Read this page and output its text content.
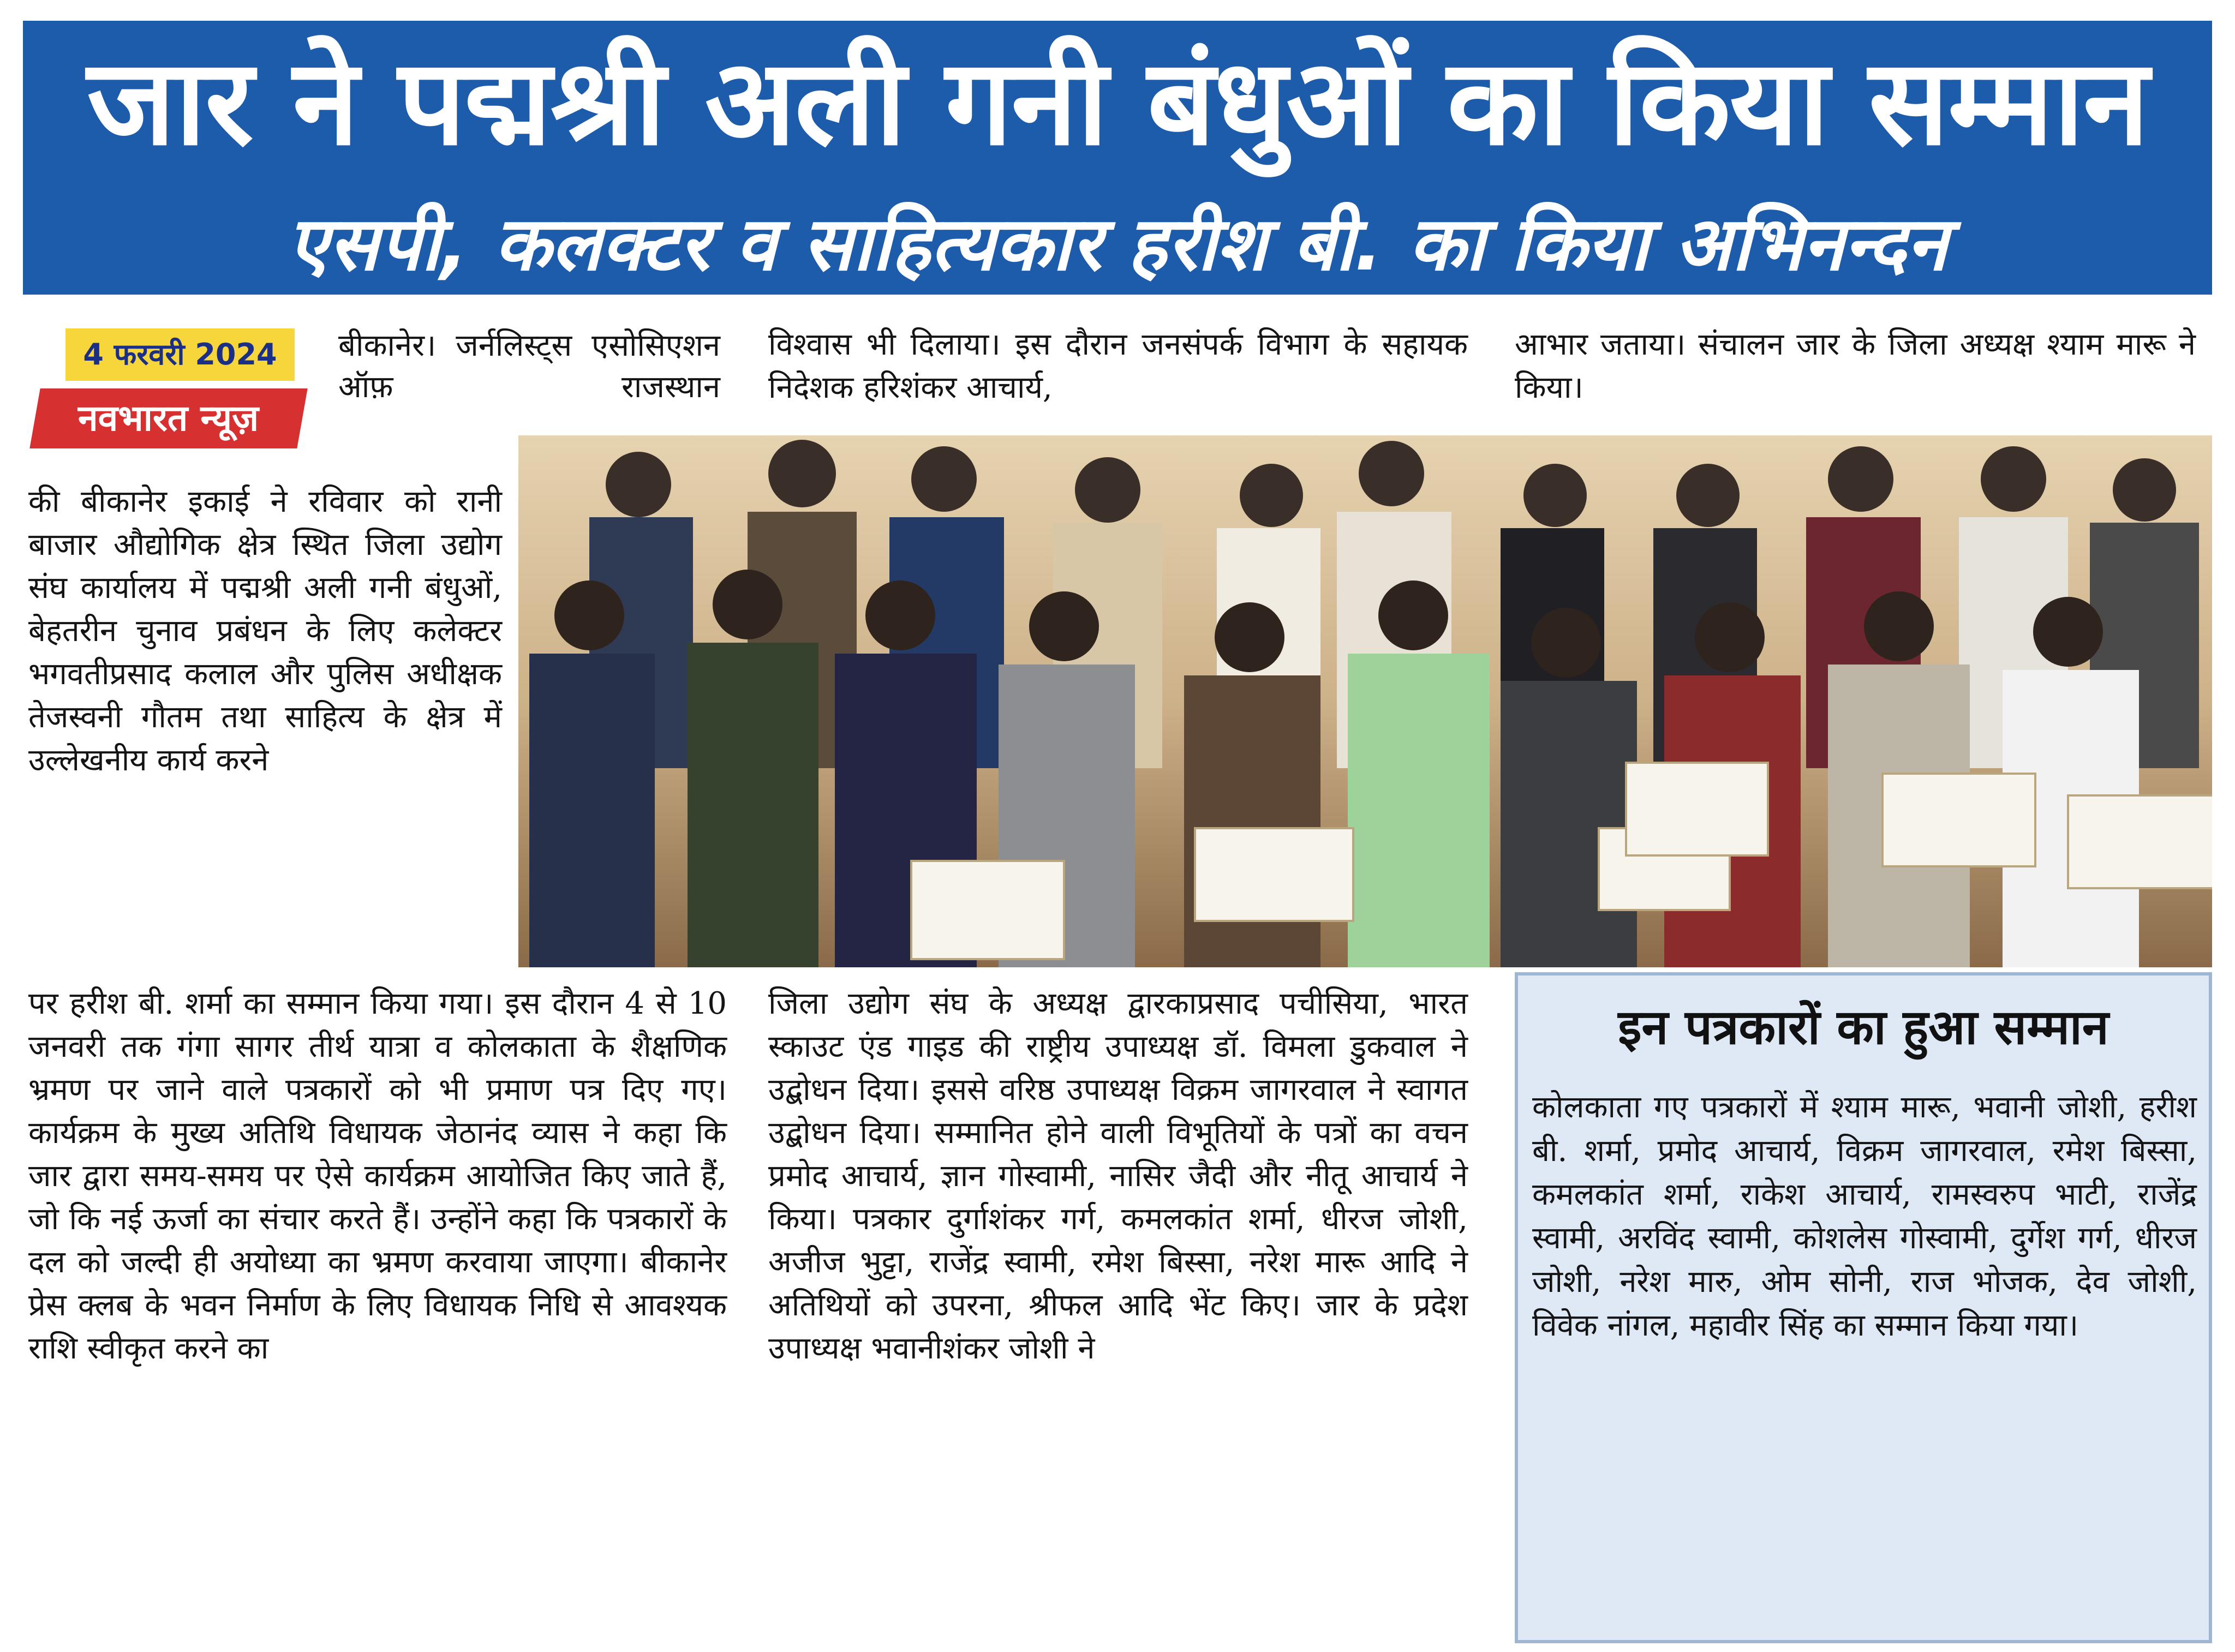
जार ने पद्मश्री अली गनी बंधुओं का किया सम्मान
एसपी, कलक्टर व साहित्यकार हरीश बी. का किया अभिनन्दन
4 फरवरी 2024
नवभारत न्यूज़

बीकानेर। जर्नलिस्ट्स एसोसिएशन ऑफ़ राजस्थान

की बीकानेर इकाई ने रविवार को रानी बाजार औद्योगिक क्षेत्र स्थित जिला उद्योग संघ कार्यालय में पद्मश्री अली गनी बंधुओं, बेहतरीन चुनाव प्रबंधन के लिए कलेक्टर भगवतीप्रसाद कलाल और पुलिस अधीक्षक तेजस्वनी गौतम तथा साहित्य के क्षेत्र में उल्लेखनीय कार्य करने

पर हरीश बी. शर्मा का सम्मान किया गया। इस दौरान 4 से 10 जनवरी तक गंगा सागर तीर्थ यात्रा व कोलकाता के शैक्षणिक भ्रमण पर जाने वाले पत्रकारों को भी प्रमाण पत्र दिए गए। कार्यक्रम के मुख्य अतिथि विधायक जेठानंद व्यास ने कहा कि जार द्वारा समय-समय पर ऐसे कार्यक्रम आयोजित किए जाते हैं, जो कि नई ऊर्जा का संचार करते हैं। उन्होंने कहा कि पत्रकारों के दल को जल्दी ही अयोध्या का भ्रमण करवाया जाएगा। बीकानेर प्रेस क्लब के भवन निर्माण के लिए विधायक निधि से आवश्यक राशि स्वीकृत करने का

विश्वास भी दिलाया। इस दौरान जनसंपर्क विभाग के सहायक निदेशक हरिशंकर आचार्य,

आभार जताया। संचालन जार के जिला अध्यक्ष श्याम मारू ने किया।

जिला उद्योग संघ के अध्यक्ष द्वारकाप्रसाद पचीसिया, भारत स्काउट एंड गाइड की राष्ट्रीय उपाध्यक्ष डॉ. विमला डुकवाल ने उद्बोधन दिया। इससे वरिष्ठ उपाध्यक्ष विक्रम जागरवाल ने स्वागत उद्बोधन दिया। सम्मानित होने वाली विभूतियों के पत्रों का वचन प्रमोद आचार्य, ज्ञान गोस्वामी, नासिर जैदी और नीतू आचार्य ने किया। पत्रकार दुर्गाशंकर गर्ग, कमलकांत शर्मा, धीरज जोशी, अजीज भुट्टा, राजेंद्र स्वामी, रमेश बिस्सा, नरेश मारू आदि ने अतिथियों को उपरना, श्रीफल आदि भेंट किए। जार के प्रदेश उपाध्यक्ष भवानीशंकर जोशी ने

इन पत्रकारों का हुआ सम्मान
कोलकाता गए पत्रकारों में श्याम मारू, भवानी जोशी, हरीश बी. शर्मा, प्रमोद आचार्य, विक्रम जागरवाल, रमेश बिस्सा, कमलकांत शर्मा, राकेश आचार्य, रामस्वरुप भाटी, राजेंद्र स्वामी, अरविंद स्वामी, कोशलेस गोस्वामी, दुर्गेश गर्ग, धीरज जोशी, नरेश मारु, ओम सोनी, राज भोजक, देव जोशी, विवेक नांगल, महावीर सिंह का सम्मान किया गया।
